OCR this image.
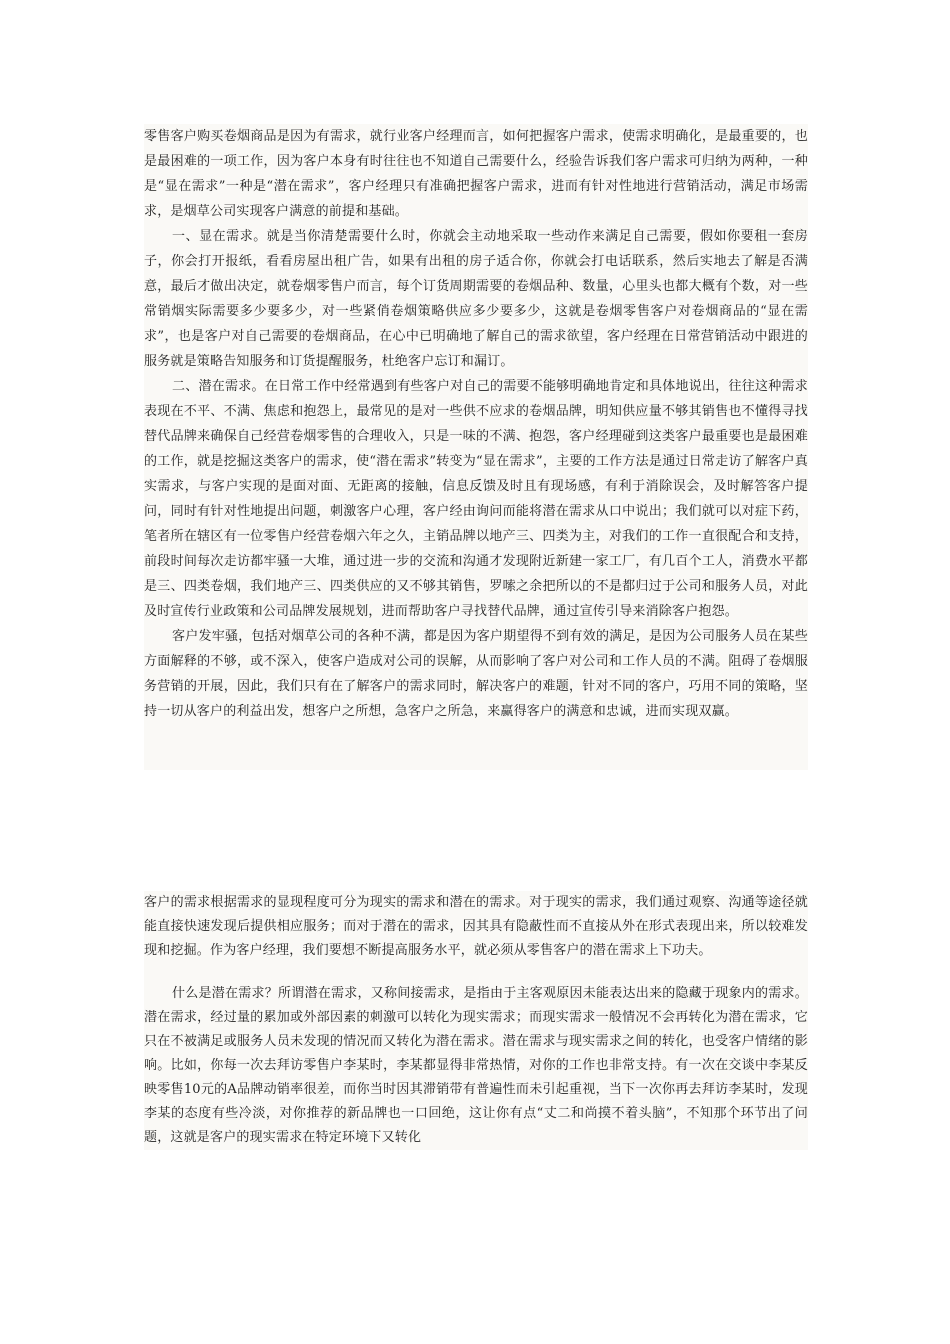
零售客户购买卷烟商品是因为有需求，就行业客户经理而言，如何把握客户需求，使需求明确化，是最重要的，也是最困难的一项工作，因为客户本身有时往往也不知道自己需要什么，经验告诉我们客户需求可归纳为两种，一种是“显在需求”一种是“潜在需求”，客户经理只有准确把握客户需求，进而有针对性地进行营销活动，满足市场需求，是烟草公司实现客户满意的前提和基础。

一、显在需求。就是当你清楚需要什么时，你就会主动地采取一些动作来满足自己需要，假如你要租一套房子，你会打开报纸，看看房屋出租广告，如果有出租的房子适合你，你就会打电话联系，然后实地去了解是否满意，最后才做出决定，就卷烟零售户而言，每个订货周期需要的卷烟品种、数量，心里头也都大概有个数，对一些常销烟实际需要多少要多少，对一些紧俏卷烟策略供应多少要多少，这就是卷烟零售客户对卷烟商品的“显在需求”，也是客户对自己需要的卷烟商品，在心中已明确地了解自己的需求欲望，客户经理在日常营销活动中跟进的服务就是策略告知服务和订货提醒服务，杜绝客户忘订和漏订。

二、潜在需求。在日常工作中经常遇到有些客户对自己的需要不能够明确地肯定和具体地说出，往往这种需求表现在不平、不满、焦虑和抱怨上，最常见的是对一些供不应求的卷烟品牌，明知供应量不够其销售也不懂得寻找替代品牌来确保自己经营卷烟零售的合理收入，只是一味的不满、抱怨，客户经理碰到这类客户最重要也是最困难的工作，就是挖掘这类客户的需求，使“潜在需求”转变为“显在需求”，主要的工作方法是通过日常走访了解客户真实需求，与客户实现的是面对面、无距离的接触，信息反馈及时且有现场感，有利于消除误会，及时解答客户提问，同时有针对性地提出问题，刺激客户心理，客户经由询问而能将潜在需求从口中说出；我们就可以对症下药，笔者所在辖区有一位零售户经营卷烟六年之久，主销品牌以地产三、四类为主，对我们的工作一直很配合和支持，前段时间每次走访都牢骚一大堆，通过进一步的交流和沟通才发现附近新建一家工厂，有几百个工人，消费水平都是三、四类卷烟，我们地产三、四类供应的又不够其销售，罗嗦之余把所以的不是都归过于公司和服务人员，对此及时宣传行业政策和公司品牌发展规划，进而帮助客户寻找替代品牌，通过宣传引导来消除客户抱怨。

客户发牢骚，包括对烟草公司的各种不满，都是因为客户期望得不到有效的满足，是因为公司服务人员在某些方面解释的不够，或不深入，使客户造成对公司的误解，从而影响了客户对公司和工作人员的不满。阻碍了卷烟服务营销的开展，因此，我们只有在了解客户的需求同时，解决客户的难题，针对不同的客户，巧用不同的策略，坚持一切从客户的利益出发，想客户之所想，急客户之所急，来赢得客户的满意和忠诚，进而实现双赢。

客户的需求根据需求的显现程度可分为现实的需求和潜在的需求。对于现实的需求，我们通过观察、沟通等途径就能直接快速发现后提供相应服务；而对于潜在的需求，因其具有隐蔽性而不直接从外在形式表现出来，所以较难发现和挖掘。作为客户经理，我们要想不断提高服务水平，就必须从零售客户的潜在需求上下功夫。

什么是潜在需求？所谓潜在需求，又称间接需求，是指由于主客观原因未能表达出来的隐藏于现象内的需求。潜在需求，经过量的累加或外部因素的刺激可以转化为现实需求；而现实需求一般情况不会再转化为潜在需求，它只在不被满足或服务人员未发现的情况而又转化为潜在需求。潜在需求与现实需求之间的转化，也受客户情绪的影响。比如，你每一次去拜访零售户李某时，李某都显得非常热情，对你的工作也非常支持。有一次在交谈中李某反映零售10元的A品牌动销率很差，而你当时因其滞销带有普遍性而未引起重视，当下一次你再去拜访李某时，发现李某的态度有些冷淡，对你推荐的新品牌也一口回绝，这让你有点“丈二和尚摸不着头脑”，不知那个环节出了问题，这就是客户的现实需求在特定环境下又转化
